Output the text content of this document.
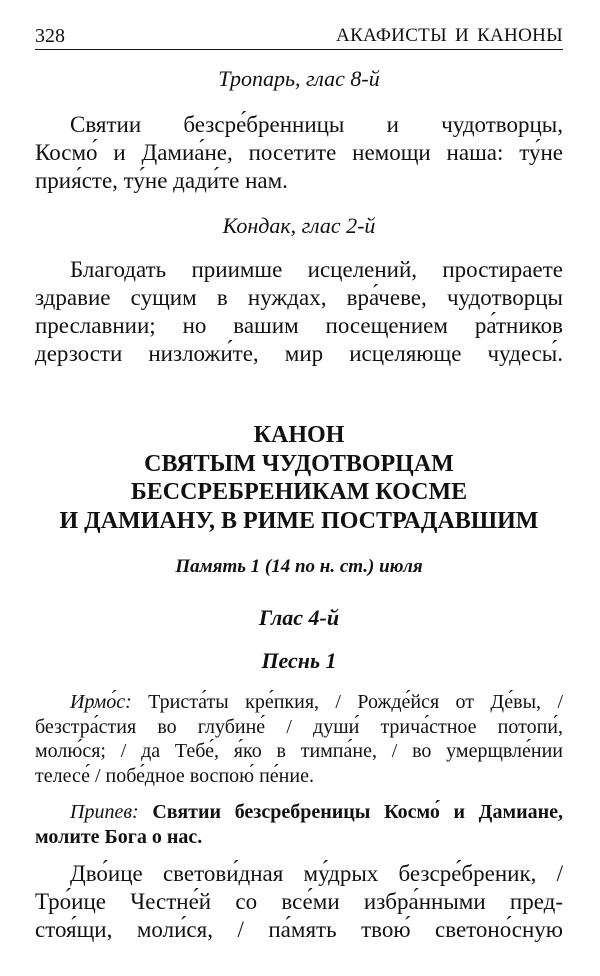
328	АКАФИСТЫ И КАНОНЫ
Тропарь, глас 8-й
Святии безсре́бренницы и чудотворцы,
Космо́ и Дамиа́не, посетите немощи наша: ту́не
прия́сте, ту́не дади́те нам.
Кондак, глас 2-й
Благодать приимше исцелений, простираете
здравие сущим в нуждах, вра́чеве, чудотворцы
преславнии; но вашим посещением ра́тников
дерзости низложи́те, мир исцеляюще чудесы́.
КАНОН
СВЯТЫМ ЧУДОТВОРЦАМ
БЕССРЕБРЕНИКАМ КОСМЕ
И ДАМИАНУ, В РИМЕ ПОСТРАДАВШИМ
Память 1 (14 по н. ст.) июля
Глас 4-й
Песнь 1
Ирмо́с: Триста́ты кре́пкия, / Рожде́йся от Де́вы, /
безстра́стия во глубине́ / души́ трича́стное потопи́,
молю́ся; / да Тебе́, я́ко в тимпа́не, / во умерщвле́нии
телесе́ / побе́дное воспою́ пе́ние.
Припев: Святии безсребреницы Космо́ и Дамиане,
молите Бога о нас.
Дво́ице светови́дная му́дрых безсре́бреник, /
Тро́ице Честне́й со все́ми избра́нными пред-
стоя́щи, моли́ся, / па́мять твою́ светоно́сную
